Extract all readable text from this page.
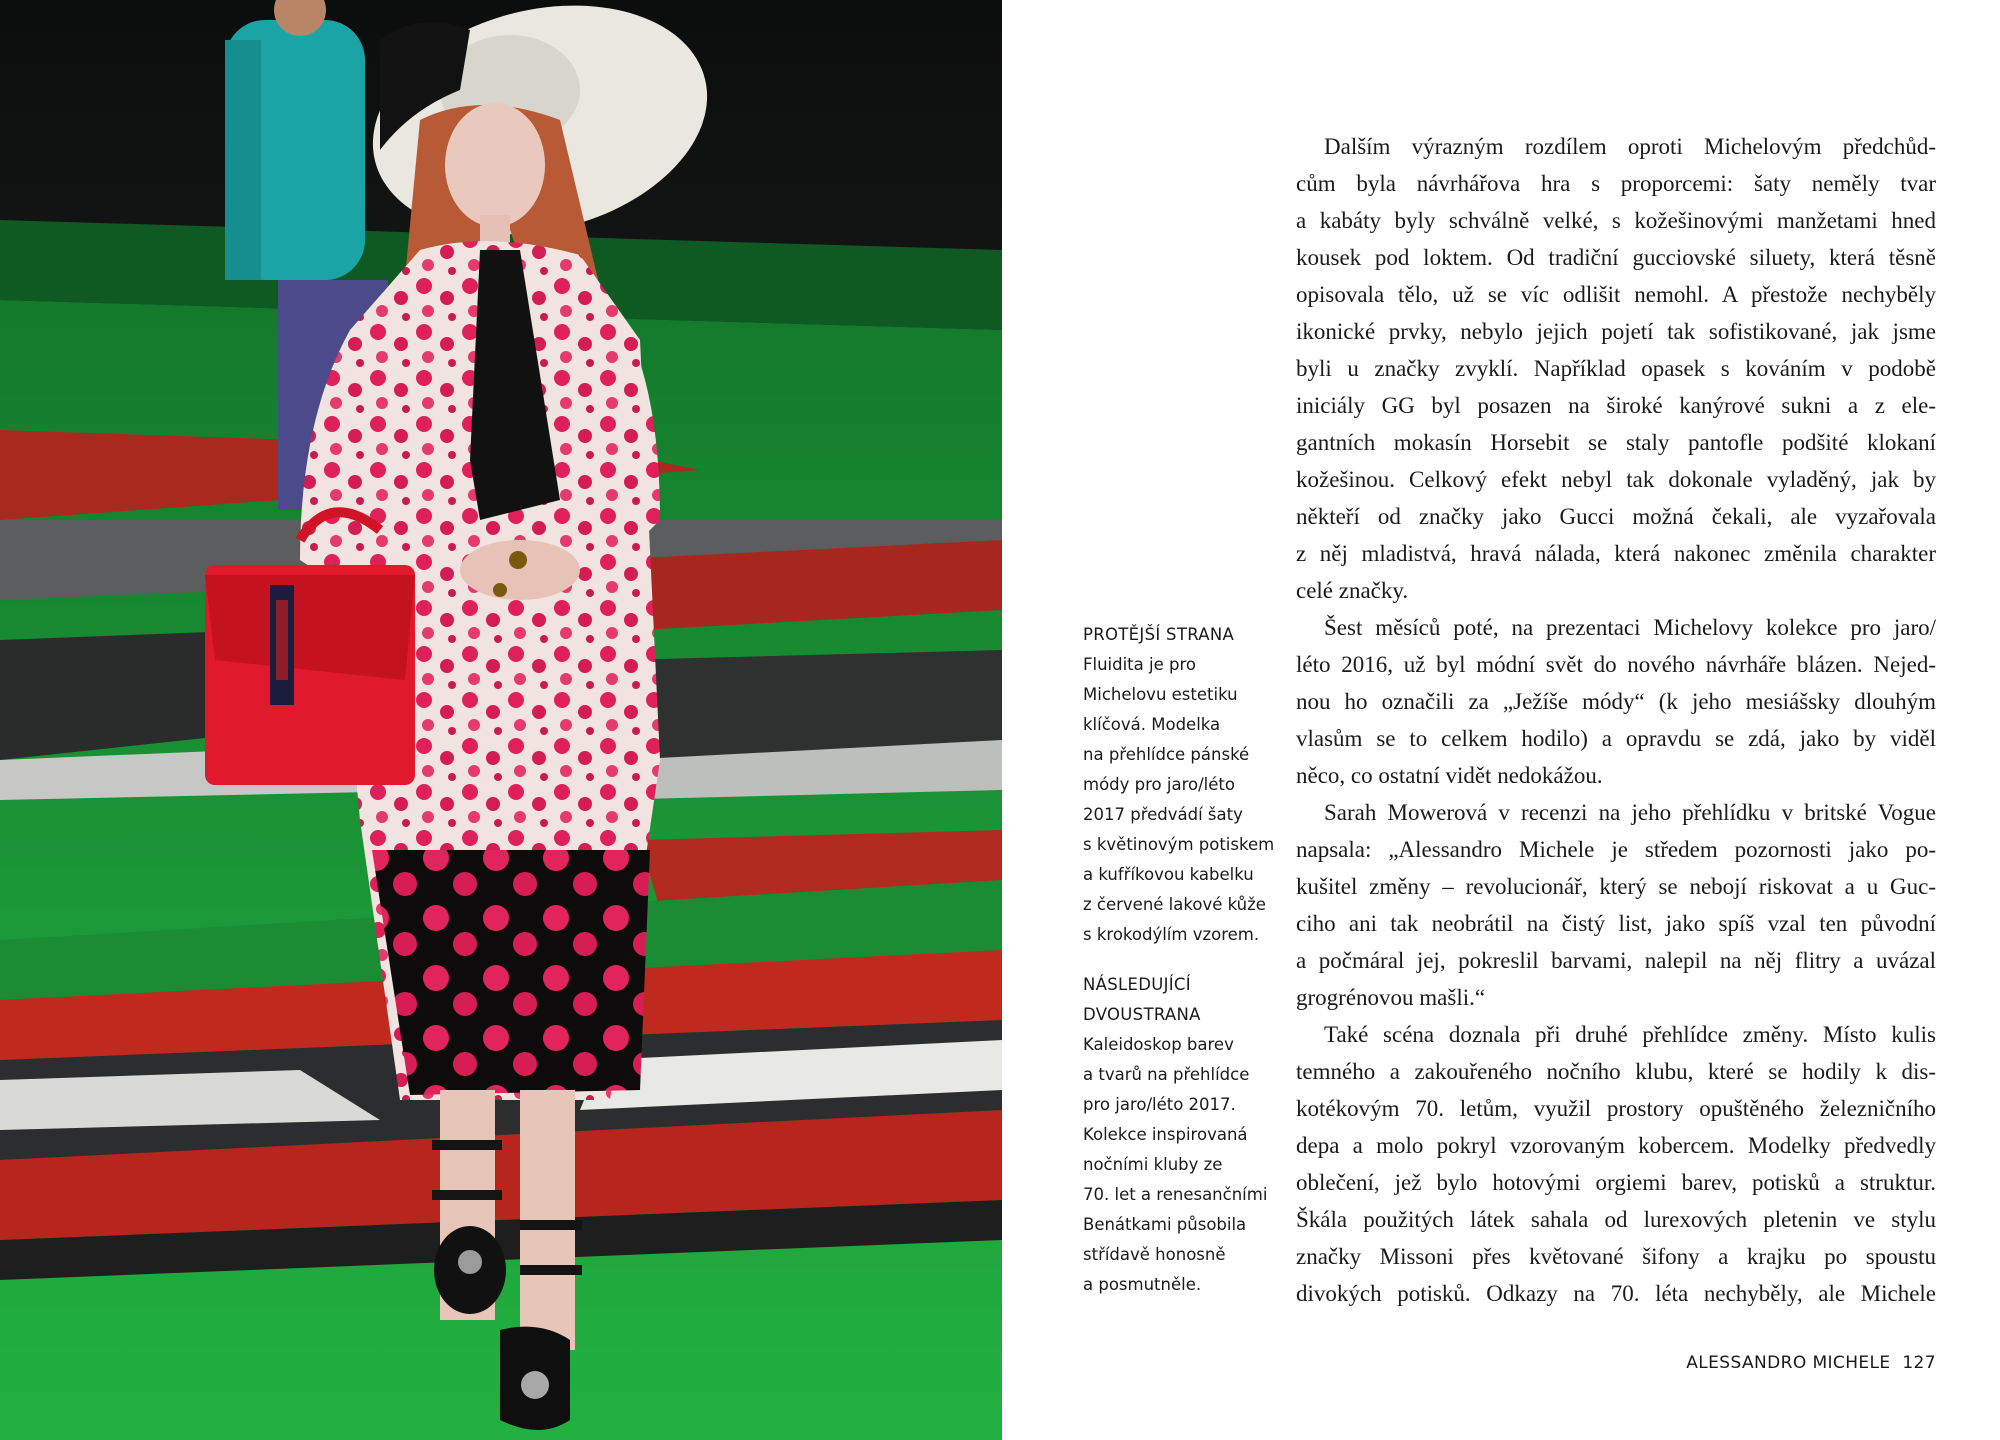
PROTĚJŠÍ STRANA
Fluidita je pro
Michelovu estetiku
klíčová. Modelka
na přehlídce pánské
módy pro jaro/léto
2017 předvádí šaty
s květinovým potiskem
a kufříkovou kabelku
z červené lakové kůže
s krokodýlím vzorem.
NÁSLEDUJÍCÍ
DVOUSTRANA
Kaleidoskop barev
a tvarů na přehlídce
pro jaro/léto 2017.
Kolekce inspirovaná
nočními kluby ze
70. let a renesančními
Benátkami působila
střídavě honosně
a posmutněle.

Dalším výrazným rozdílem oproti Michelovým předchůd-
cům byla návrhářova hra s proporcemi: šaty neměly tvar
a kabáty byly schválně velké, s kožešinovými manžetami hned
kousek pod loktem. Od tradiční gucciovské siluety, která těsně
opisovala tělo, už se víc odlišit nemohl. A přestože nechyběly
ikonické prvky, nebylo jejich pojetí tak sofistikované, jak jsme
byli u značky zvyklí. Například opasek s kováním v podobě
iniciály GG byl posazen na široké kanýrové sukni a z ele-
gantních mokasín Horsebit se staly pantofle podšité klokaní
kožešinou. Celkový efekt nebyl tak dokonale vyladěný, jak by
někteří od značky jako Gucci možná čekali, ale vyzařovala
z něj mladistvá, hravá nálada, která nakonec změnila charakter
celé značky.

Šest měsíců poté, na prezentaci Michelovy kolekce pro jaro/
léto 2016, už byl módní svět do nového návrháře blázen. Nejed-
nou ho označili za „Ježíše módy“ (k jeho mesiášsky dlouhým
vlasům se to celkem hodilo) a opravdu se zdá, jako by viděl
něco, co ostatní vidět nedokážou.

Sarah Mowerová v recenzi na jeho přehlídku v britské Vogue
napsala: „Alessandro Michele je středem pozornosti jako po-
kušitel změny – revolucionář, který se nebojí riskovat a u Guc-
ciho ani tak neobrátil na čistý list, jako spíš vzal ten původní
a počmáral jej, pokreslil barvami, nalepil na něj flitry a uvázal
grogrénovou mašli.“

Také scéna doznala při druhé přehlídce změny. Místo kulis
temného a zakouřeného nočního klubu, které se hodily k dis-
kotékovým 70. letům, využil prostory opuštěného železničního
depa a molo pokryl vzorovaným kobercem. Modelky předvedly
oblečení, jež bylo hotovými orgiemi barev, potisků a struktur.
Škála použitých látek sahala od lurexových pletenin ve stylu
značky Missoni přes květované šifony a krajku po spoustu
divokých potisků. Odkazy na 70. léta nechyběly, ale Michele

ALESSANDRO MICHELE 127
